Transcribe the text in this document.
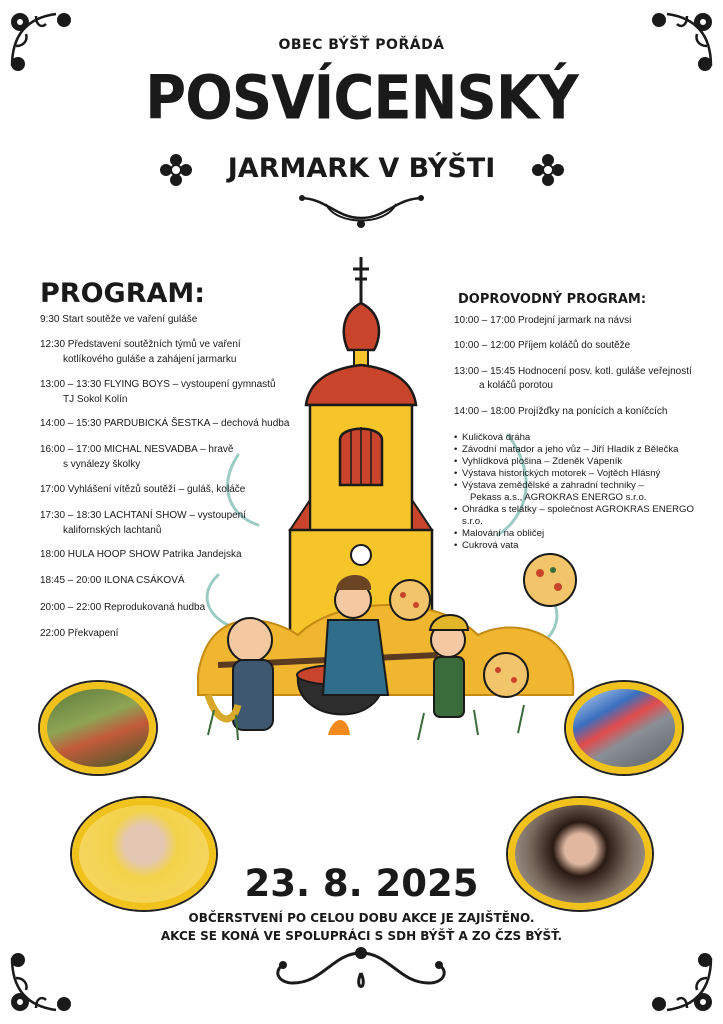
OBEC BÝŠŤ POŘÁDÁ
POSVÍCENSKÝ
JARMARK V BÝŠTI
PROGRAM:
9:30 Start soutěže ve vaření guláše
12:30 Představení soutěžních týmů ve vaření
kotlíkového guláše a zahájení jarmarku
13:00 – 13:30 FLYING BOYS – vystoupení gymnastů
TJ Sokol Kolín
14:00 – 15:30 PARDUBICKÁ ŠESTKA – dechová hudba
16:00 – 17:00 MICHAL NESVADBA – hravě
s vynálezy školky
17:00 Vyhlášení vítězů soutěží – guláš, koláče
17:30 – 18:30 LACHTANÍ SHOW – vystoupení
kalifornských lachtanů
18:00 HULA HOOP SHOW Patrika Jandejska
18:45 – 20:00 ILONA CSÁKOVÁ
20:00 – 22:00 Reprodukovaná hudba
22:00 Překvapení
DOPROVODNÝ PROGRAM:
10:00 – 17:00 Prodejní jarmark na návsi
10:00 – 12:00 Příjem koláčů do soutěže
13:00 – 15:45 Hodnocení posv. kotl. guláše veřejností
a koláčů porotou
14:00 – 18:00 Projížďky na ponících a koníčcích
• Kuličková dráha
• Závodní matador a jeho vůz – Jiří Hladík z Bělečka
• Vyhlídková plošina – Zdeněk Vápeník
• Výstava historických motorek – Vojtěch Hlásný
• Výstava zemědělské a zahradní techniky –
Pekass a.s., AGROKRAS ENERGO s.r.o.
• Ohrádka s telátky – společnost AGROKRAS ENERGO s.r.o.
• Malování na obličej
• Cukrová vata
23. 8. 2025
OBČERSTVENÍ PO CELOU DOBU AKCE JE ZAJIŠTĚNO.
AKCE SE KONÁ VE SPOLUPRÁCI S SDH BÝŠŤ A ZO ČZS BÝŠŤ.
